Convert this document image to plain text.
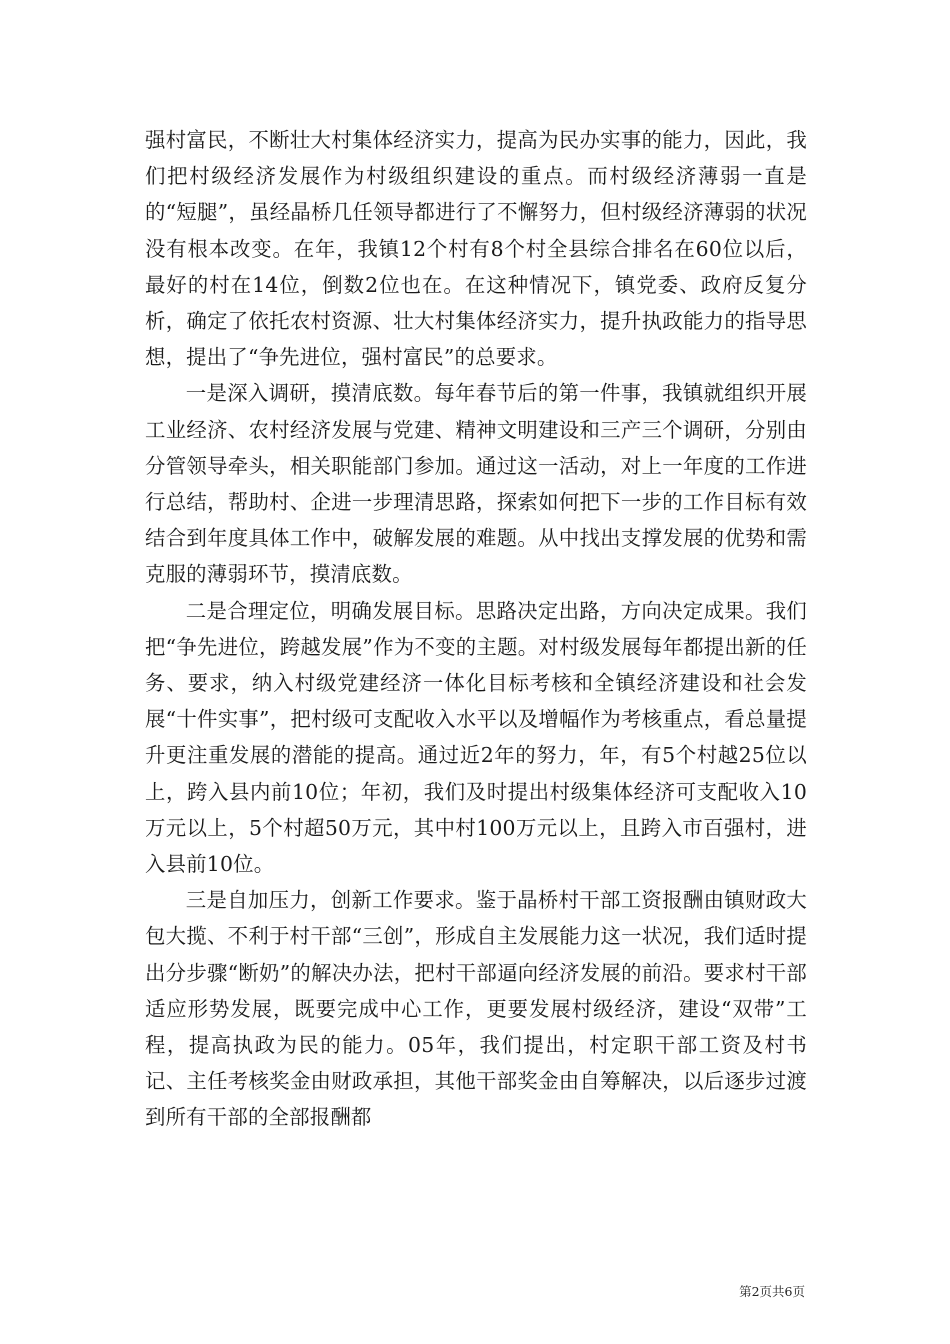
强村富民，不断壮大村集体经济实力，提高为民办实事的能力，因此，我们把村级经济发展作为村级组织建设的重点。而村级经济薄弱一直是的“短腿”，虽经晶桥几任领导都进行了不懈努力，但村级经济薄弱的状况没有根本改变。在年，我镇12个村有8个村全县综合排名在60位以后，最好的村在14位，倒数2位也在。在这种情况下，镇党委、政府反复分析，确定了依托农村资源、壮大村集体经济实力，提升执政能力的指导思想，提出了“争先进位，强村富民”的总要求。

一是深入调研，摸清底数。每年春节后的第一件事，我镇就组织开展工业经济、农村经济发展与党建、精神文明建设和三产三个调研，分别由分管领导牵头，相关职能部门参加。通过这一活动，对上一年度的工作进行总结，帮助村、企进一步理清思路，探索如何把下一步的工作目标有效结合到年度具体工作中，破解发展的难题。从中找出支撑发展的优势和需克服的薄弱环节，摸清底数。

二是合理定位，明确发展目标。思路决定出路，方向决定成果。我们把“争先进位，跨越发展”作为不变的主题。对村级发展每年都提出新的任务、要求，纳入村级党建经济一体化目标考核和全镇经济建设和社会发展“十件实事”，把村级可支配收入水平以及增幅作为考核重点，看总量提升更注重发展的潜能的提高。通过近2年的努力，年，有5个村越25位以上，跨入县内前10位；年初，我们及时提出村级集体经济可支配收入10万元以上，5个村超50万元，其中村100万元以上，且跨入市百强村，进入县前10位。

三是自加压力，创新工作要求。鉴于晶桥村干部工资报酬由镇财政大包大揽、不利于村干部“三创”，形成自主发展能力这一状况，我们适时提出分步骤“断奶”的解决办法，把村干部逼向经济发展的前沿。要求村干部适应形势发展，既要完成中心工作，更要发展村级经济，建设“双带”工程，提高执政为民的能力。05年，我们提出，村定职干部工资及村书记、主任考核奖金由财政承担，其他干部奖金由自筹解决，以后逐步过渡到所有干部的全部报酬都

第2页共6页
